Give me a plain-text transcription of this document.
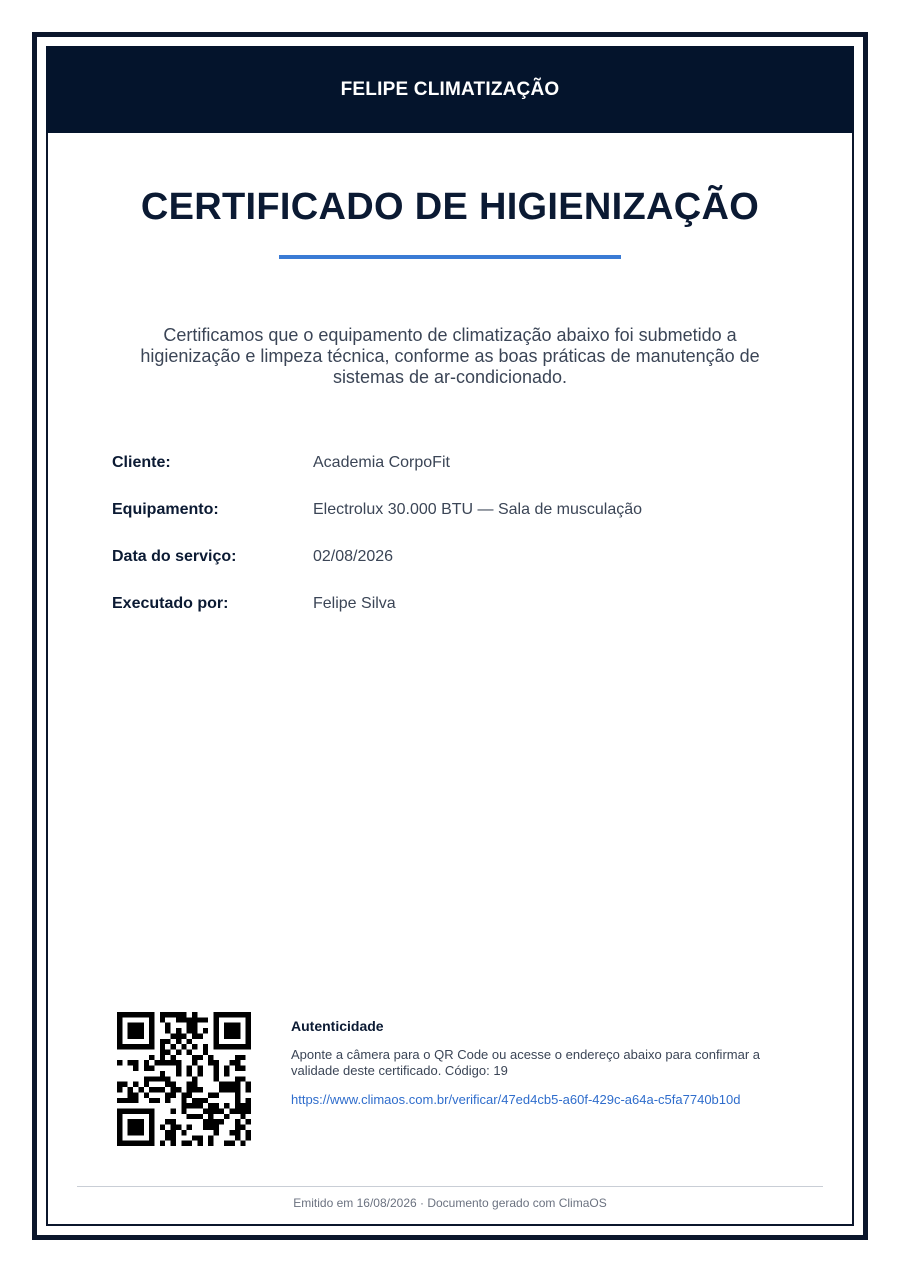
FELIPE CLIMATIZAÇÃO
CERTIFICADO DE HIGIENIZAÇÃO
Certificamos que o equipamento de climatização abaixo foi submetido a higienização e limpeza técnica, conforme as boas práticas de manutenção de sistemas de ar-condicionado.
Cliente:	Academia CorpoFit
Equipamento:	Electrolux 30.000 BTU — Sala de musculação
Data do serviço:	02/08/2026
Executado por:	Felipe Silva
Autenticidade
Aponte a câmera para o QR Code ou acesse o endereço abaixo para confirmar a validade deste certificado. Código: 19
https://www.climaos.com.br/verificar/47ed4cb5-a60f-429c-a64a-c5fa7740b10d
Emitido em 16/08/2026 · Documento gerado com ClimaOS
